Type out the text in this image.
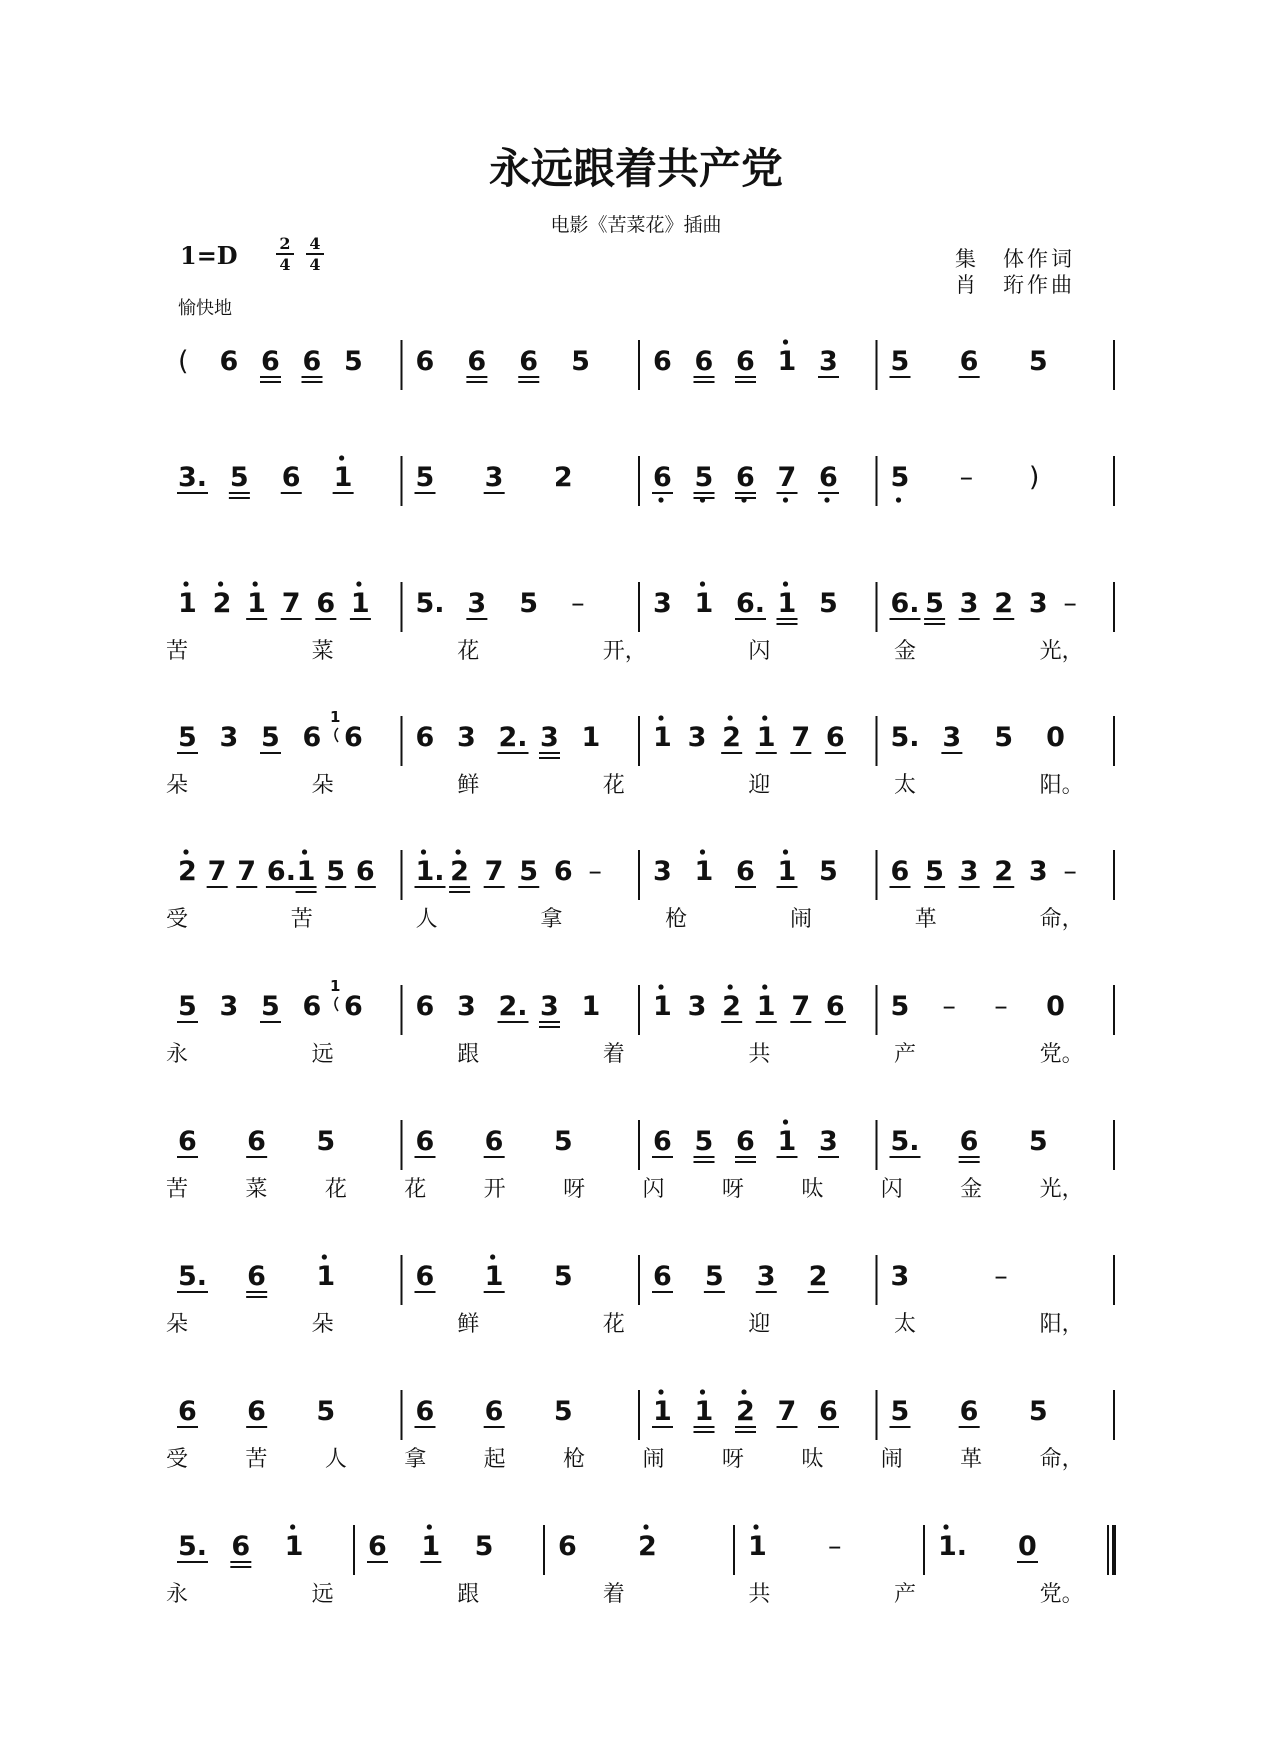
永远跟着共产党
电影《苦菜花》插曲
1=D	2
4
4
4	集　体作词
肖　珩作曲
愉快地
( 6 6 6 5 6 6 6 5 6 6 6 1 3 5 6 5
3. 5 6 1 5 3 2	6 5 6 7 6 5 – )
1 2 1 7 6 1 5. 3 5 –	3 1 6. 1 5 6. 5 3 2 3 –
苦	菜	花	开，	闪	金	光，
5 3 5 6 6
1
6 3 2. 3 1 1 3 2 1 7 6 5. 3 5 0
朵	朵	鲜	花	迎	太	阳。
2 7 7 6. 1 5 6 1. 2 7 5 6 – 3 1 6 1 5 6 5 3 2 3 –
受	苦	人	拿	枪	闹	革	命，
5 3 5 6 6
1
6 3 2. 3 1 1 3 2 1 7 6 5 – – 0
永	远	跟	着	共	产	党。
6 6 5	6 6 5	6 5 6 1 3 5. 6 5
苦	菜	花	花	开	呀	闪	呀	呔	闪	金	光，
5. 6 1	6 1 5	6 5 3 2 3	–
朵	朵	鲜	花	迎	太	阳，
6 6 5	6 6 5	1 1 2 7 6 5 6 5
受	苦	人	拿	起	枪	闹	呀	呔	闹	革	命，
5. 6 1 6 1 5 6 2	1 –	1. 0
永	远	跟	着	共	产	党。
